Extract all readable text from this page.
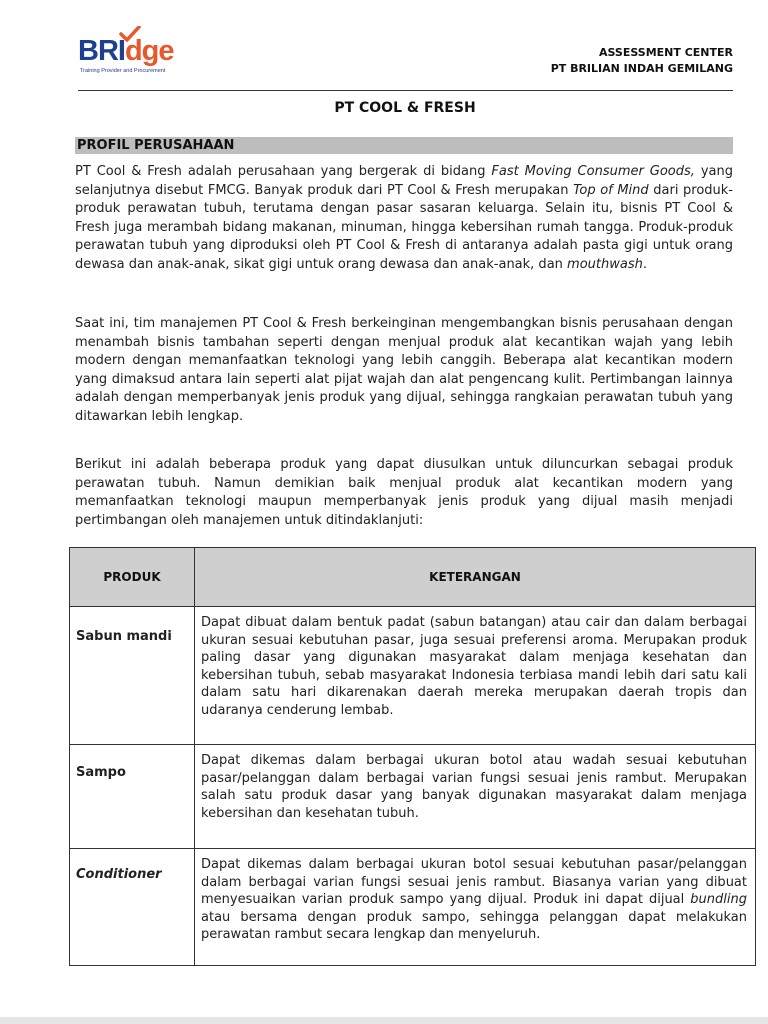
BRIdge
Training Provider and Procurement
ASSESSMENT CENTER
PT BRILIAN INDAH GEMILANG
PT COOL & FRESH
PROFIL PERUSAHAAN

PT Cool & Fresh adalah perusahaan yang bergerak di bidang Fast Moving Consumer Goods, yang selanjutnya disebut FMCG. Banyak produk dari PT Cool & Fresh merupakan Top of Mind dari produk-produk perawatan tubuh, terutama dengan pasar sasaran keluarga. Selain itu, bisnis PT Cool & Fresh juga merambah bidang makanan, minuman, hingga kebersihan rumah tangga. Produk-produk perawatan tubuh yang diproduksi oleh PT Cool & Fresh di antaranya adalah pasta gigi untuk orang dewasa dan anak-anak, sikat gigi untuk orang dewasa dan anak-anak, dan mouthwash.

Saat ini, tim manajemen PT Cool & Fresh berkeinginan mengembangkan bisnis perusahaan dengan menambah bisnis tambahan seperti dengan menjual produk alat kecantikan wajah yang lebih modern dengan memanfaatkan teknologi yang lebih canggih. Beberapa alat kecantikan modern yang dimaksud antara lain seperti alat pijat wajah dan alat pengencang kulit. Pertimbangan lainnya adalah dengan memperbanyak jenis produk yang dijual, sehingga rangkaian perawatan tubuh yang ditawarkan lebih lengkap.

Berikut ini adalah beberapa produk yang dapat diusulkan untuk diluncurkan sebagai produk perawatan tubuh. Namun demikian baik menjual produk alat kecantikan modern yang memanfaatkan teknologi maupun memperbanyak jenis produk yang dijual masih menjadi pertimbangan oleh manajemen untuk ditindaklanjuti:

PRODUK	KETERANGAN
Sabun mandi	Dapat dibuat dalam bentuk padat (sabun batangan) atau cair dan dalam berbagai ukuran sesuai kebutuhan pasar, juga sesuai preferensi aroma. Merupakan produk paling dasar yang digunakan masyarakat dalam menjaga kesehatan dan kebersihan tubuh, sebab masyarakat Indonesia terbiasa mandi lebih dari satu kali dalam satu hari dikarenakan daerah mereka merupakan daerah tropis dan udaranya cenderung lembab.
Sampo	Dapat dikemas dalam berbagai ukuran botol atau wadah sesuai kebutuhan pasar/pelanggan dalam berbagai varian fungsi sesuai jenis rambut. Merupakan salah satu produk dasar yang banyak digunakan masyarakat dalam menjaga kebersihan dan kesehatan tubuh.
Conditioner	Dapat dikemas dalam berbagai ukuran botol sesuai kebutuhan pasar/pelanggan dalam berbagai varian fungsi sesuai jenis rambut. Biasanya varian yang dibuat menyesuaikan varian produk sampo yang dijual. Produk ini dapat dijual bundling atau bersama dengan produk sampo, sehingga pelanggan dapat melakukan perawatan rambut secara lengkap dan menyeluruh.
